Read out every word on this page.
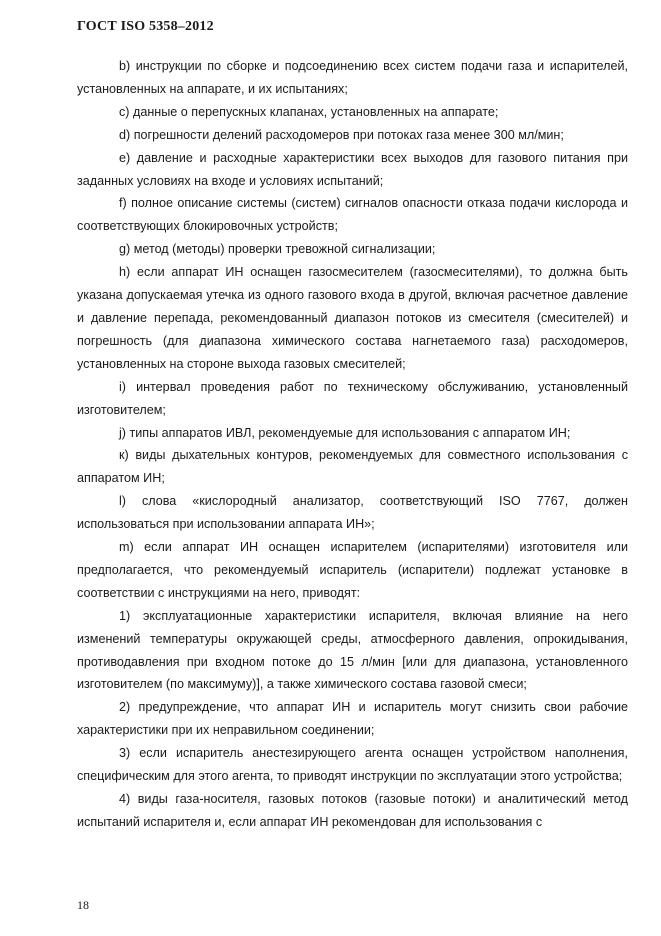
ГОСТ ISO 5358–2012

b) инструкции по сборке и подсоединению всех систем подачи газа и испарителей, установленных на аппарате, и их испытаниях;

c) данные о перепускных клапанах, установленных на аппарате;

d) погрешности делений расходомеров при потоках газа менее 300 мл/мин;

e) давление и расходные характеристики всех выходов для газового питания при заданных условиях на входе и условиях испытаний;

f) полное описание системы (систем) сигналов опасности отказа подачи кислорода и соответствующих блокировочных устройств;

g) метод (методы) проверки тревожной сигнализации;

h) если аппарат ИН оснащен газосмесителем (газосмесителями), то должна быть указана допускаемая утечка из одного газового входа в другой, включая расчетное давление и давление перепада, рекомендованный диапазон потоков из смесителя (смесителей) и погрешность (для диапазона химического состава нагнетаемого газа) расходомеров, установленных на стороне выхода газовых смесителей;

i) интервал проведения работ по техническому обслуживанию, установленный изготовителем;

j) типы аппаратов ИВЛ, рекомендуемые для использования с аппаратом ИН;

к) виды дыхательных контуров, рекомендуемых для совместного использования с аппаратом ИН;

l) слова «кислородный анализатор, соответствующий ISO 7767, должен использоваться при использовании аппарата ИН»;

m) если аппарат ИН оснащен испарителем (испарителями) изготовителя или предполагается, что рекомендуемый испаритель (испарители) подлежат установке в соответствии с инструкциями на него, приводят:

1) эксплуатационные характеристики испарителя, включая влияние на него изменений температуры окружающей среды, атмосферного давления, опрокидывания, противодавления при входном потоке до 15 л/мин [или для диапазона, установленного изготовителем (по максимуму)], а также химического состава газовой смеси;

2) предупреждение, что аппарат ИН и испаритель могут снизить свои рабочие характеристики при их неправильном соединении;

3) если испаритель анестезирующего агента оснащен устройством наполнения, специфическим для этого агента, то приводят инструкции по эксплуатации этого устройства;

4) виды газа-носителя, газовых потоков (газовые потоки) и аналитический метод испытаний испарителя и, если аппарат ИН рекомендован для использования с

18
